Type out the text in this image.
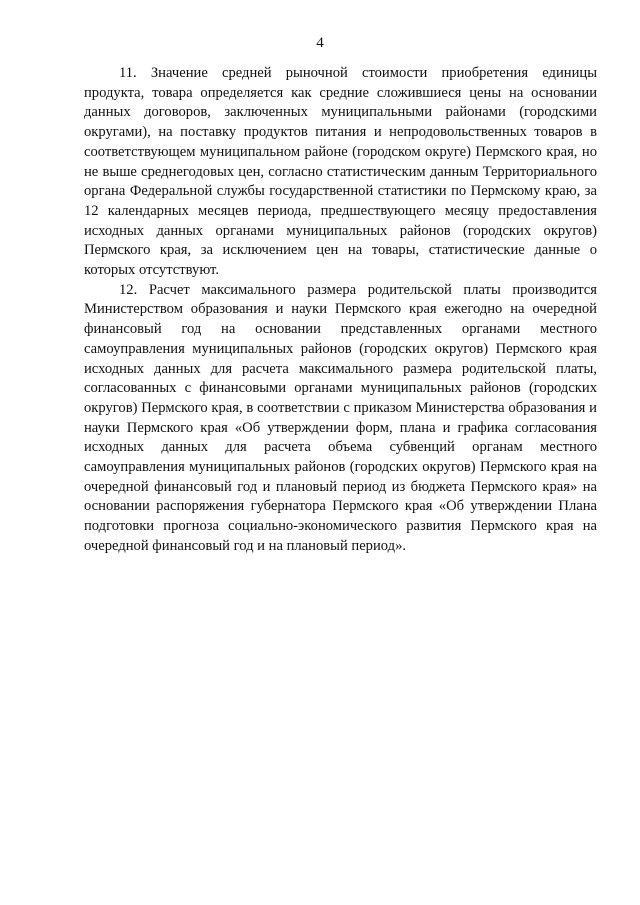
4

11. Значение средней рыночной стоимости приобретения единицы продукта, товара определяется как средние сложившиеся цены на основании данных договоров, заключенных муниципальными районами (городскими округами), на поставку продуктов питания и непродовольственных товаров в соответствующем муниципальном районе (городском округе) Пермского края, но не выше среднегодовых цен, согласно статистическим данным Территориального органа Федеральной службы государственной статистики по Пермскому краю, за 12 календарных месяцев периода, предшествующего месяцу предоставления исходных данных органами муниципальных районов (городских округов) Пермского края, за исключением цен на товары, статистические данные о которых отсутствуют.

12. Расчет максимального размера родительской платы производится Министерством образования и науки Пермского края ежегодно на очередной финансовый год на основании представленных органами местного самоуправления муниципальных районов (городских округов) Пермского края исходных данных для расчета максимального размера родительской платы, согласованных с финансовыми органами муниципальных районов (городских округов) Пермского края, в соответствии с приказом Министерства образования и науки Пермского края «Об утверждении форм, плана и графика согласования исходных данных для расчета объема субвенций органам местного самоуправления муниципальных районов (городских округов) Пермского края на очередной финансовый год и плановый период из бюджета Пермского края» на основании распоряжения губернатора Пермского края «Об утверждении Плана подготовки прогноза социально-экономического развития Пермского края на очередной финансовый год и на плановый период».
